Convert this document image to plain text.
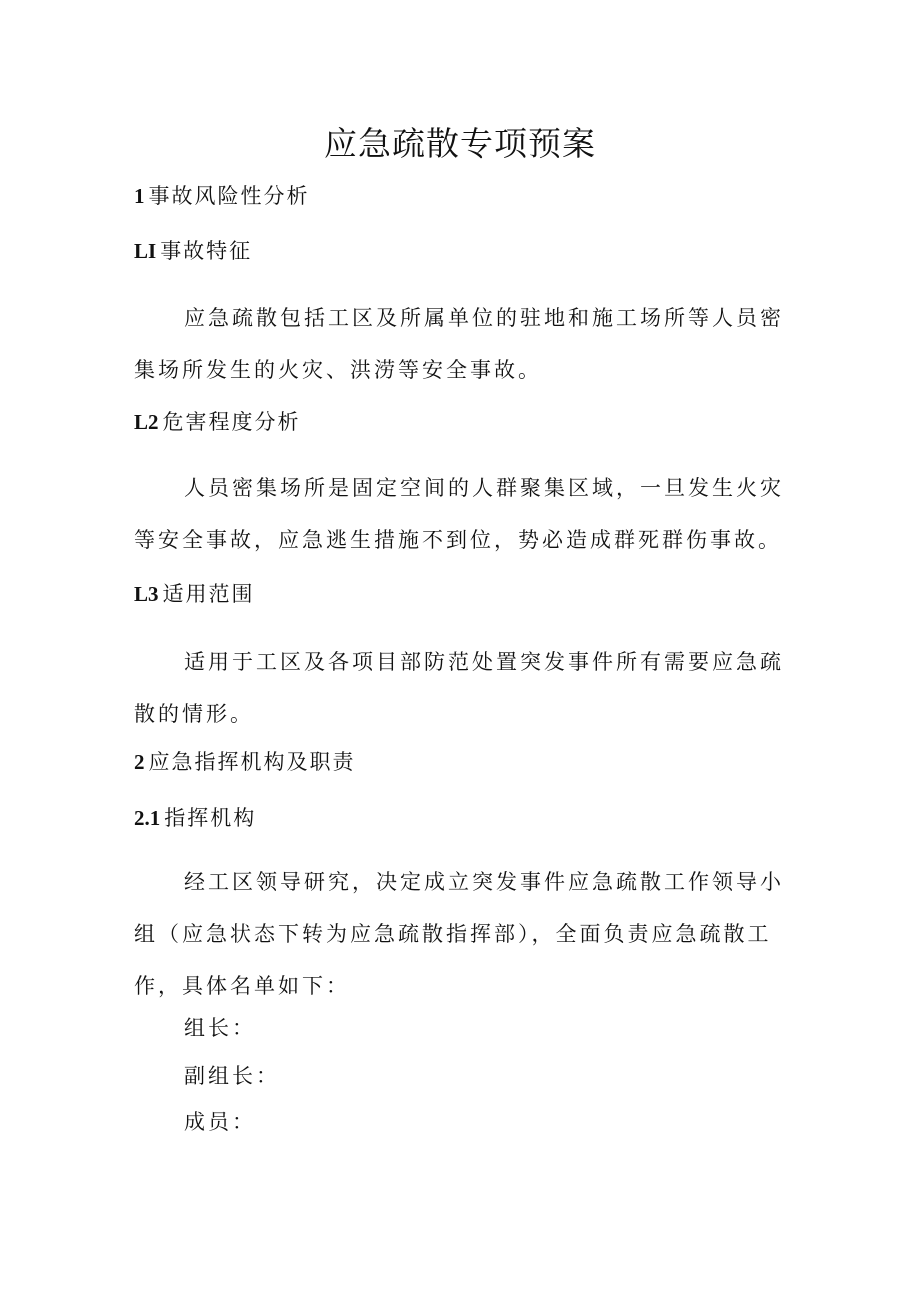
应急疏散专项预案

1 事故风险性分析

LI 事故特征

应急疏散包括工区及所属单位的驻地和施工场所等人员密集场所发生的火灾、洪涝等安全事故。

L2 危害程度分析

人员密集场所是固定空间的人群聚集区域，一旦发生火灾等安全事故，应急逃生措施不到位，势必造成群死群伤事故。

L3 适用范围

适用于工区及各项目部防范处置突发事件所有需要应急疏散的情形。

2 应急指挥机构及职责

2.1 指挥机构

经工区领导研究，决定成立突发事件应急疏散工作领导小组（应急状态下转为应急疏散指挥部），全面负责应急疏散工作，具体名单如下：

组长：

副组长：

成员：
